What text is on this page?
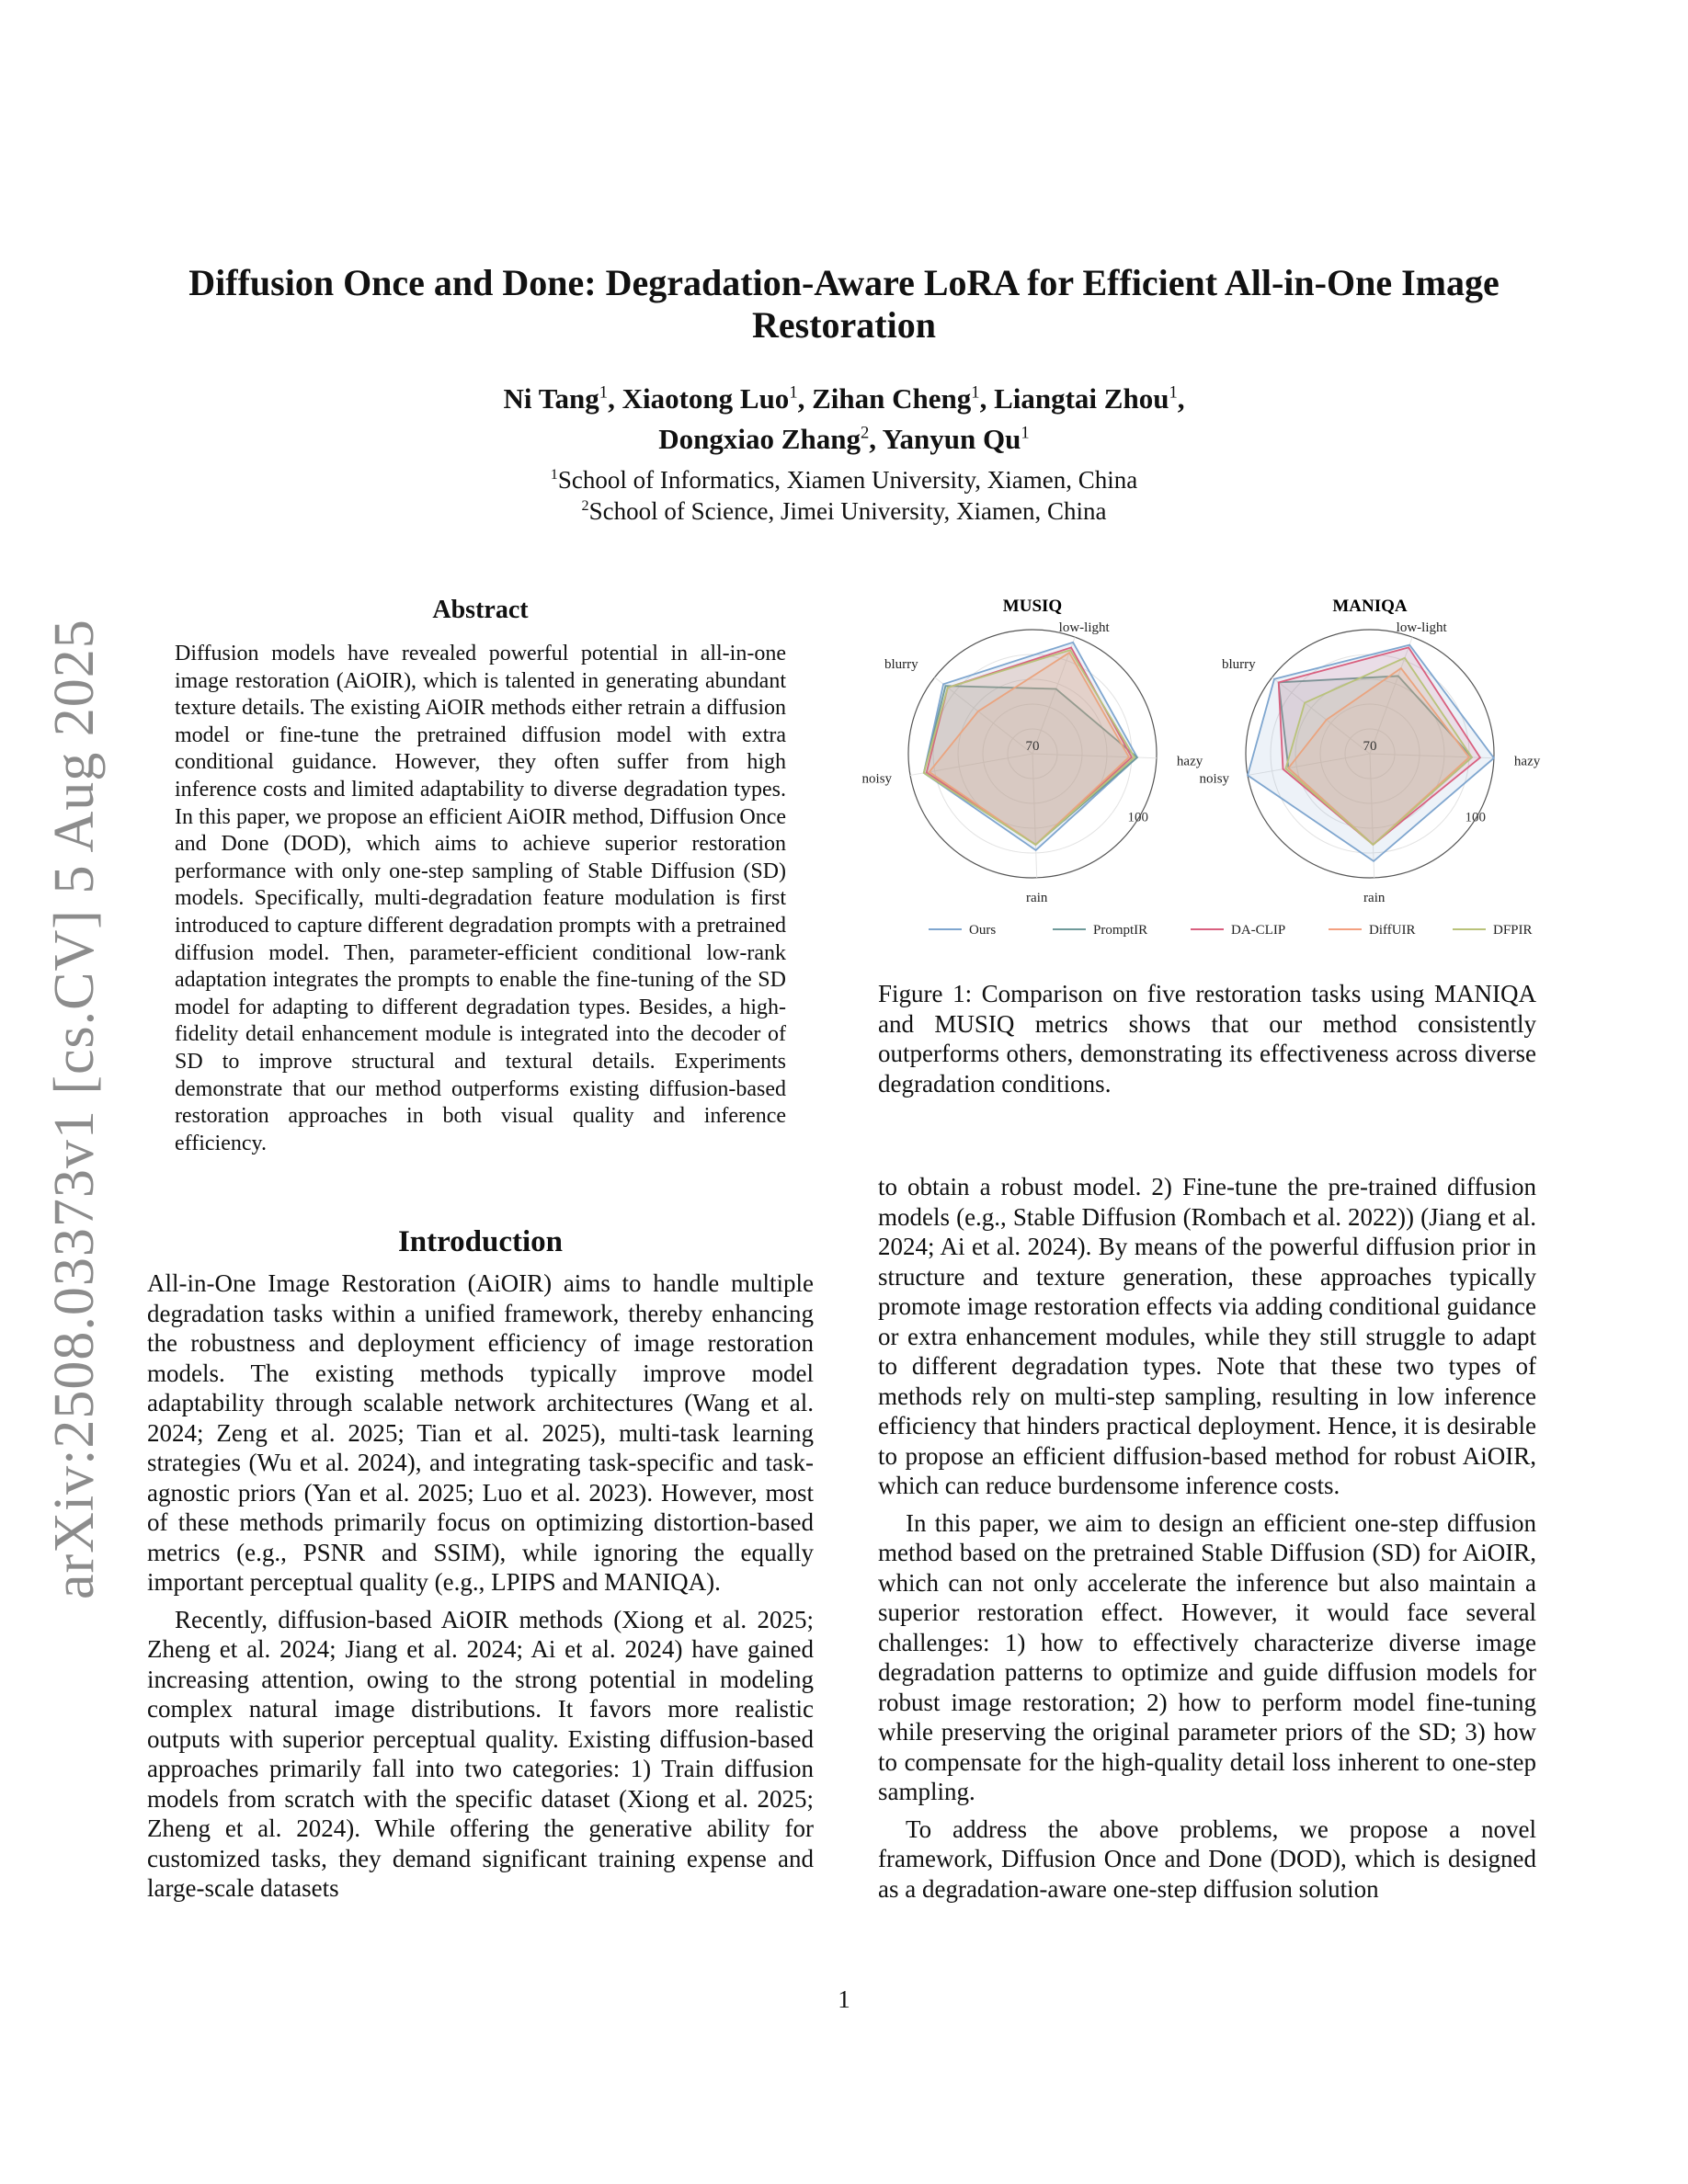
arXiv:2508.03373v1 [cs.CV] 5 Aug 2025
Diffusion Once and Done: Degradation-Aware LoRA for Efficient All-in-One Image Restoration
Ni Tang$^1$, Xiaotong Luo$^1$, Zihan Cheng$^1$, Liangtai Zhou$^1$,
Dongxiao Zhang$^2$, Yanyun Qu$^1$
$^1$School of Informatics, Xiamen University, Xiamen, China
$^2$School of Science, Jimei University, Xiamen, China
Abstract

Diffusion models have revealed powerful potential in all-in-one image restoration (AiOIR), which is talented in generating abundant texture details. The existing AiOIR methods either retrain a diffusion model or fine-tune the pretrained diffusion model with extra conditional guidance. However, they often suffer from high inference costs and limited adaptability to diverse degradation types. In this paper, we propose an efficient AiOIR method, Diffusion Once and Done (DOD), which aims to achieve superior restoration performance with only one-step sampling of Stable Diffusion (SD) models. Specifically, multi-degradation feature modulation is first introduced to capture different degradation prompts with a pretrained diffusion model. Then, parameter-efficient conditional low-rank adaptation integrates the prompts to enable the fine-tuning of the SD model for adapting to different degradation types. Besides, a high-fidelity detail enhancement module is integrated into the decoder of SD to improve structural and textural details. Experiments demonstrate that our method outperforms existing diffusion-based restoration approaches in both visual quality and inference efficiency.

Introduction

All-in-One Image Restoration (AiOIR) aims to handle multiple degradation tasks within a unified framework, thereby enhancing the robustness and deployment efficiency of image restoration models. The existing methods typically improve model adaptability through scalable network architectures (Wang et al. 2024; Zeng et al. 2025; Tian et al. 2025), multi-task learning strategies (Wu et al. 2024), and integrating task-specific and task-agnostic priors (Yan et al. 2025; Luo et al. 2023). However, most of these methods primarily focus on optimizing distortion-based metrics (e.g., PSNR and SSIM), while ignoring the equally important perceptual quality (e.g., LPIPS and MANIQA).

Recently, diffusion-based AiOIR methods (Xiong et al. 2025; Zheng et al. 2024; Jiang et al. 2024; Ai et al. 2024) have gained increasing attention, owing to the strong potential in modeling complex natural image distributions. It favors more realistic outputs with superior perceptual quality. Existing diffusion-based approaches primarily fall into two categories: 1) Train diffusion models from scratch with the specific dataset (Xiong et al. 2025; Zheng et al. 2024). While offering the generative ability for customized tasks, they demand significant training expense and large-scale datasets

MUSIQ
low-light
hazy
rain
noisy
blurry
70
100
MANIQA
low-light
hazy
rain
noisy
blurry
70
100
Ours	PromptIR	DA-CLIP	DiffUIR	DFPIR

Figure 1: Comparison on five restoration tasks using MANIQA and MUSIQ metrics shows that our method consistently outperforms others, demonstrating its effectiveness across diverse degradation conditions.

to obtain a robust model. 2) Fine-tune the pre-trained diffusion models (e.g., Stable Diffusion (Rombach et al. 2022)) (Jiang et al. 2024; Ai et al. 2024). By means of the powerful diffusion prior in structure and texture generation, these approaches typically promote image restoration effects via adding conditional guidance or extra enhancement modules, while they still struggle to adapt to different degradation types. Note that these two types of methods rely on multi-step sampling, resulting in low inference efficiency that hinders practical deployment. Hence, it is desirable to propose an efficient diffusion-based method for robust AiOIR, which can reduce burdensome inference costs.

In this paper, we aim to design an efficient one-step diffusion method based on the pretrained Stable Diffusion (SD) for AiOIR, which can not only accelerate the inference but also maintain a superior restoration effect. However, it would face several challenges: 1) how to effectively characterize diverse image degradation patterns to optimize and guide diffusion models for robust image restoration; 2) how to perform model fine-tuning while preserving the original parameter priors of the SD; 3) how to compensate for the high-quality detail loss inherent to one-step sampling.

To address the above problems, we propose a novel framework, Diffusion Once and Done (DOD), which is designed as a degradation-aware one-step diffusion solution

1
